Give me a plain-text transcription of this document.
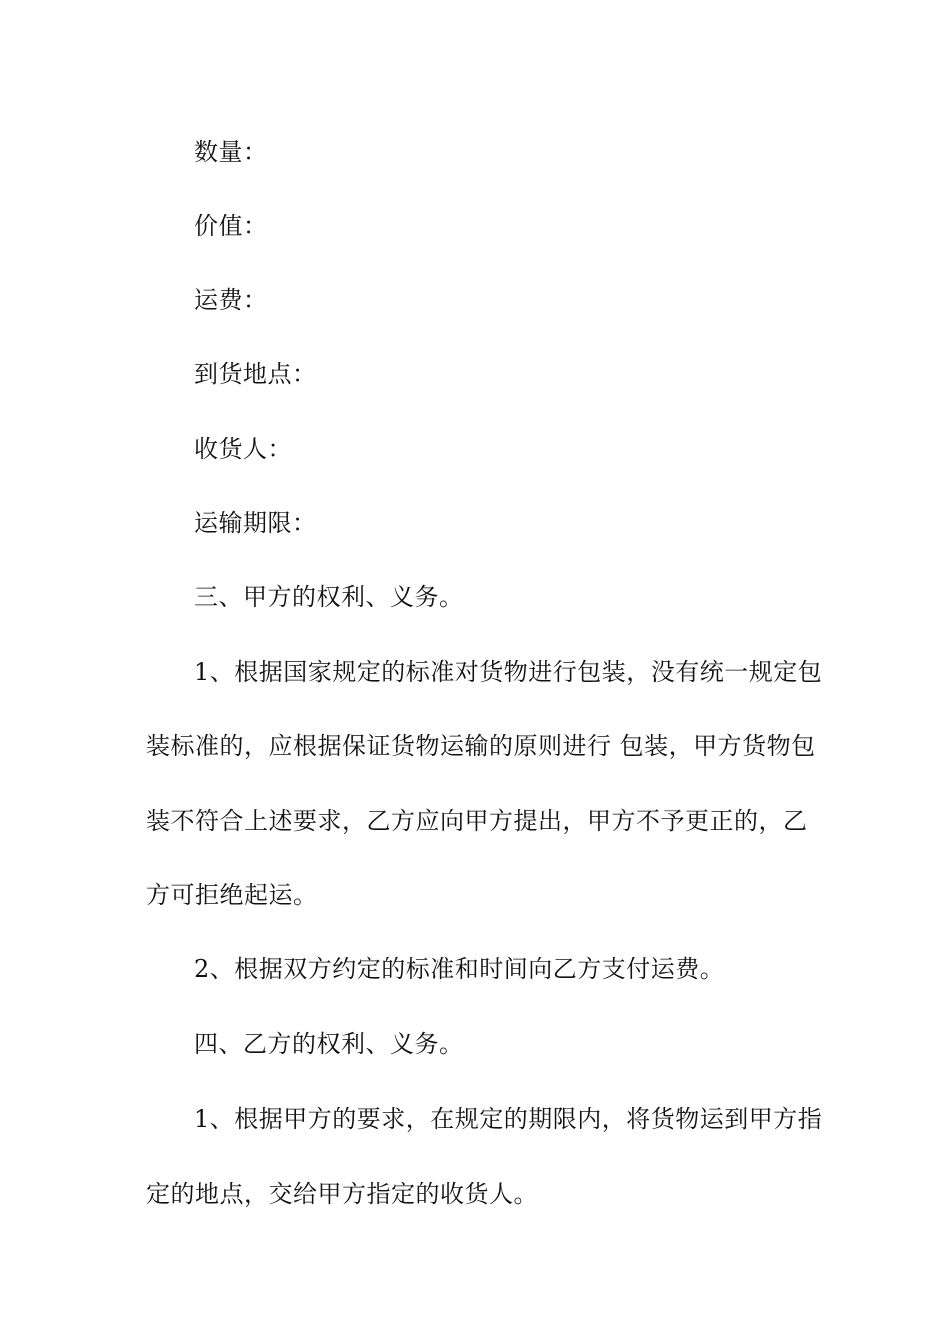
数量：
价值：
运费：
到货地点：
收货人：
运输期限：
三、甲方的权利、义务。
1、根据国家规定的标准对货物进行包装，没有统一规定包
装标准的，应根据保证货物运输的原则进行 包装，甲方货物包
装不符合上述要求，乙方应向甲方提出，甲方不予更正的，乙
方可拒绝起运。
2、根据双方约定的标准和时间向乙方支付运费。
四、乙方的权利、义务。
1、根据甲方的要求，在规定的期限内，将货物运到甲方指
定的地点，交给甲方指定的收货人。
